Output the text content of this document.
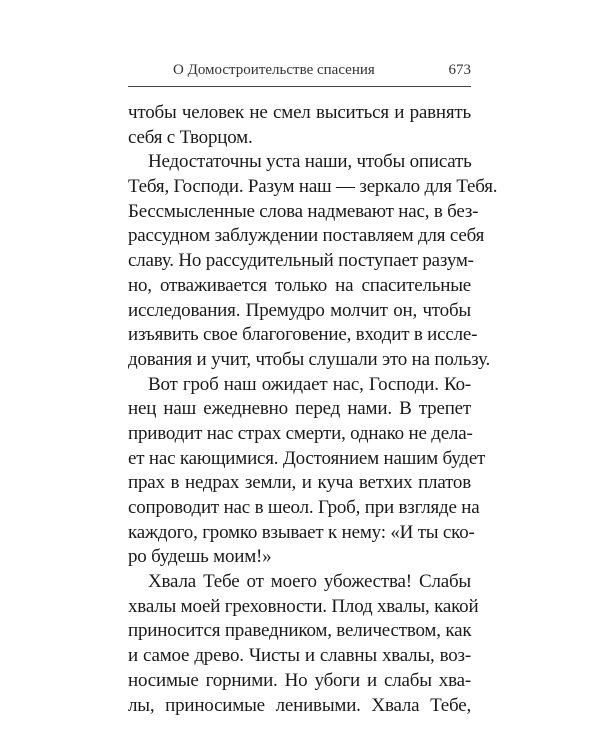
О Домостроительстве спасения	673
чтобы человек не смел выситься и равнять
себя с Творцом.
Недостаточны уста наши, чтобы описать
Тебя, Господи. Разум наш — зеркало для Тебя.
Бессмысленные слова надмевают нас, в без-
рассудном заблуждении поставляем для себя
славу. Но рассудительный поступает разум-
но, отваживается только на спасительные
исследования. Премудро молчит он, чтобы
изъявить свое благоговение, входит в иссле-
дования и учит, чтобы слушали это на пользу.
Вот гроб наш ожидает нас, Господи. Ко-
нец наш ежедневно перед нами. В трепет
приводит нас страх смерти, однако не дела-
ет нас кающимися. Достоянием нашим будет
прах в недрах земли, и куча ветхих платов
сопроводит нас в шеол. Гроб, при взгляде на
каждого, громко взывает к нему: «И ты ско-
ро будешь моим!»
Хвала Тебе от моего убожества! Слабы
хвалы моей греховности. Плод хвалы, какой
приносится праведником, величеством, как
и самое древо. Чисты и славны хвалы, воз-
носимые горними. Но убоги и слабы хва-
лы, приносимые ленивыми. Хвала Тебе,
